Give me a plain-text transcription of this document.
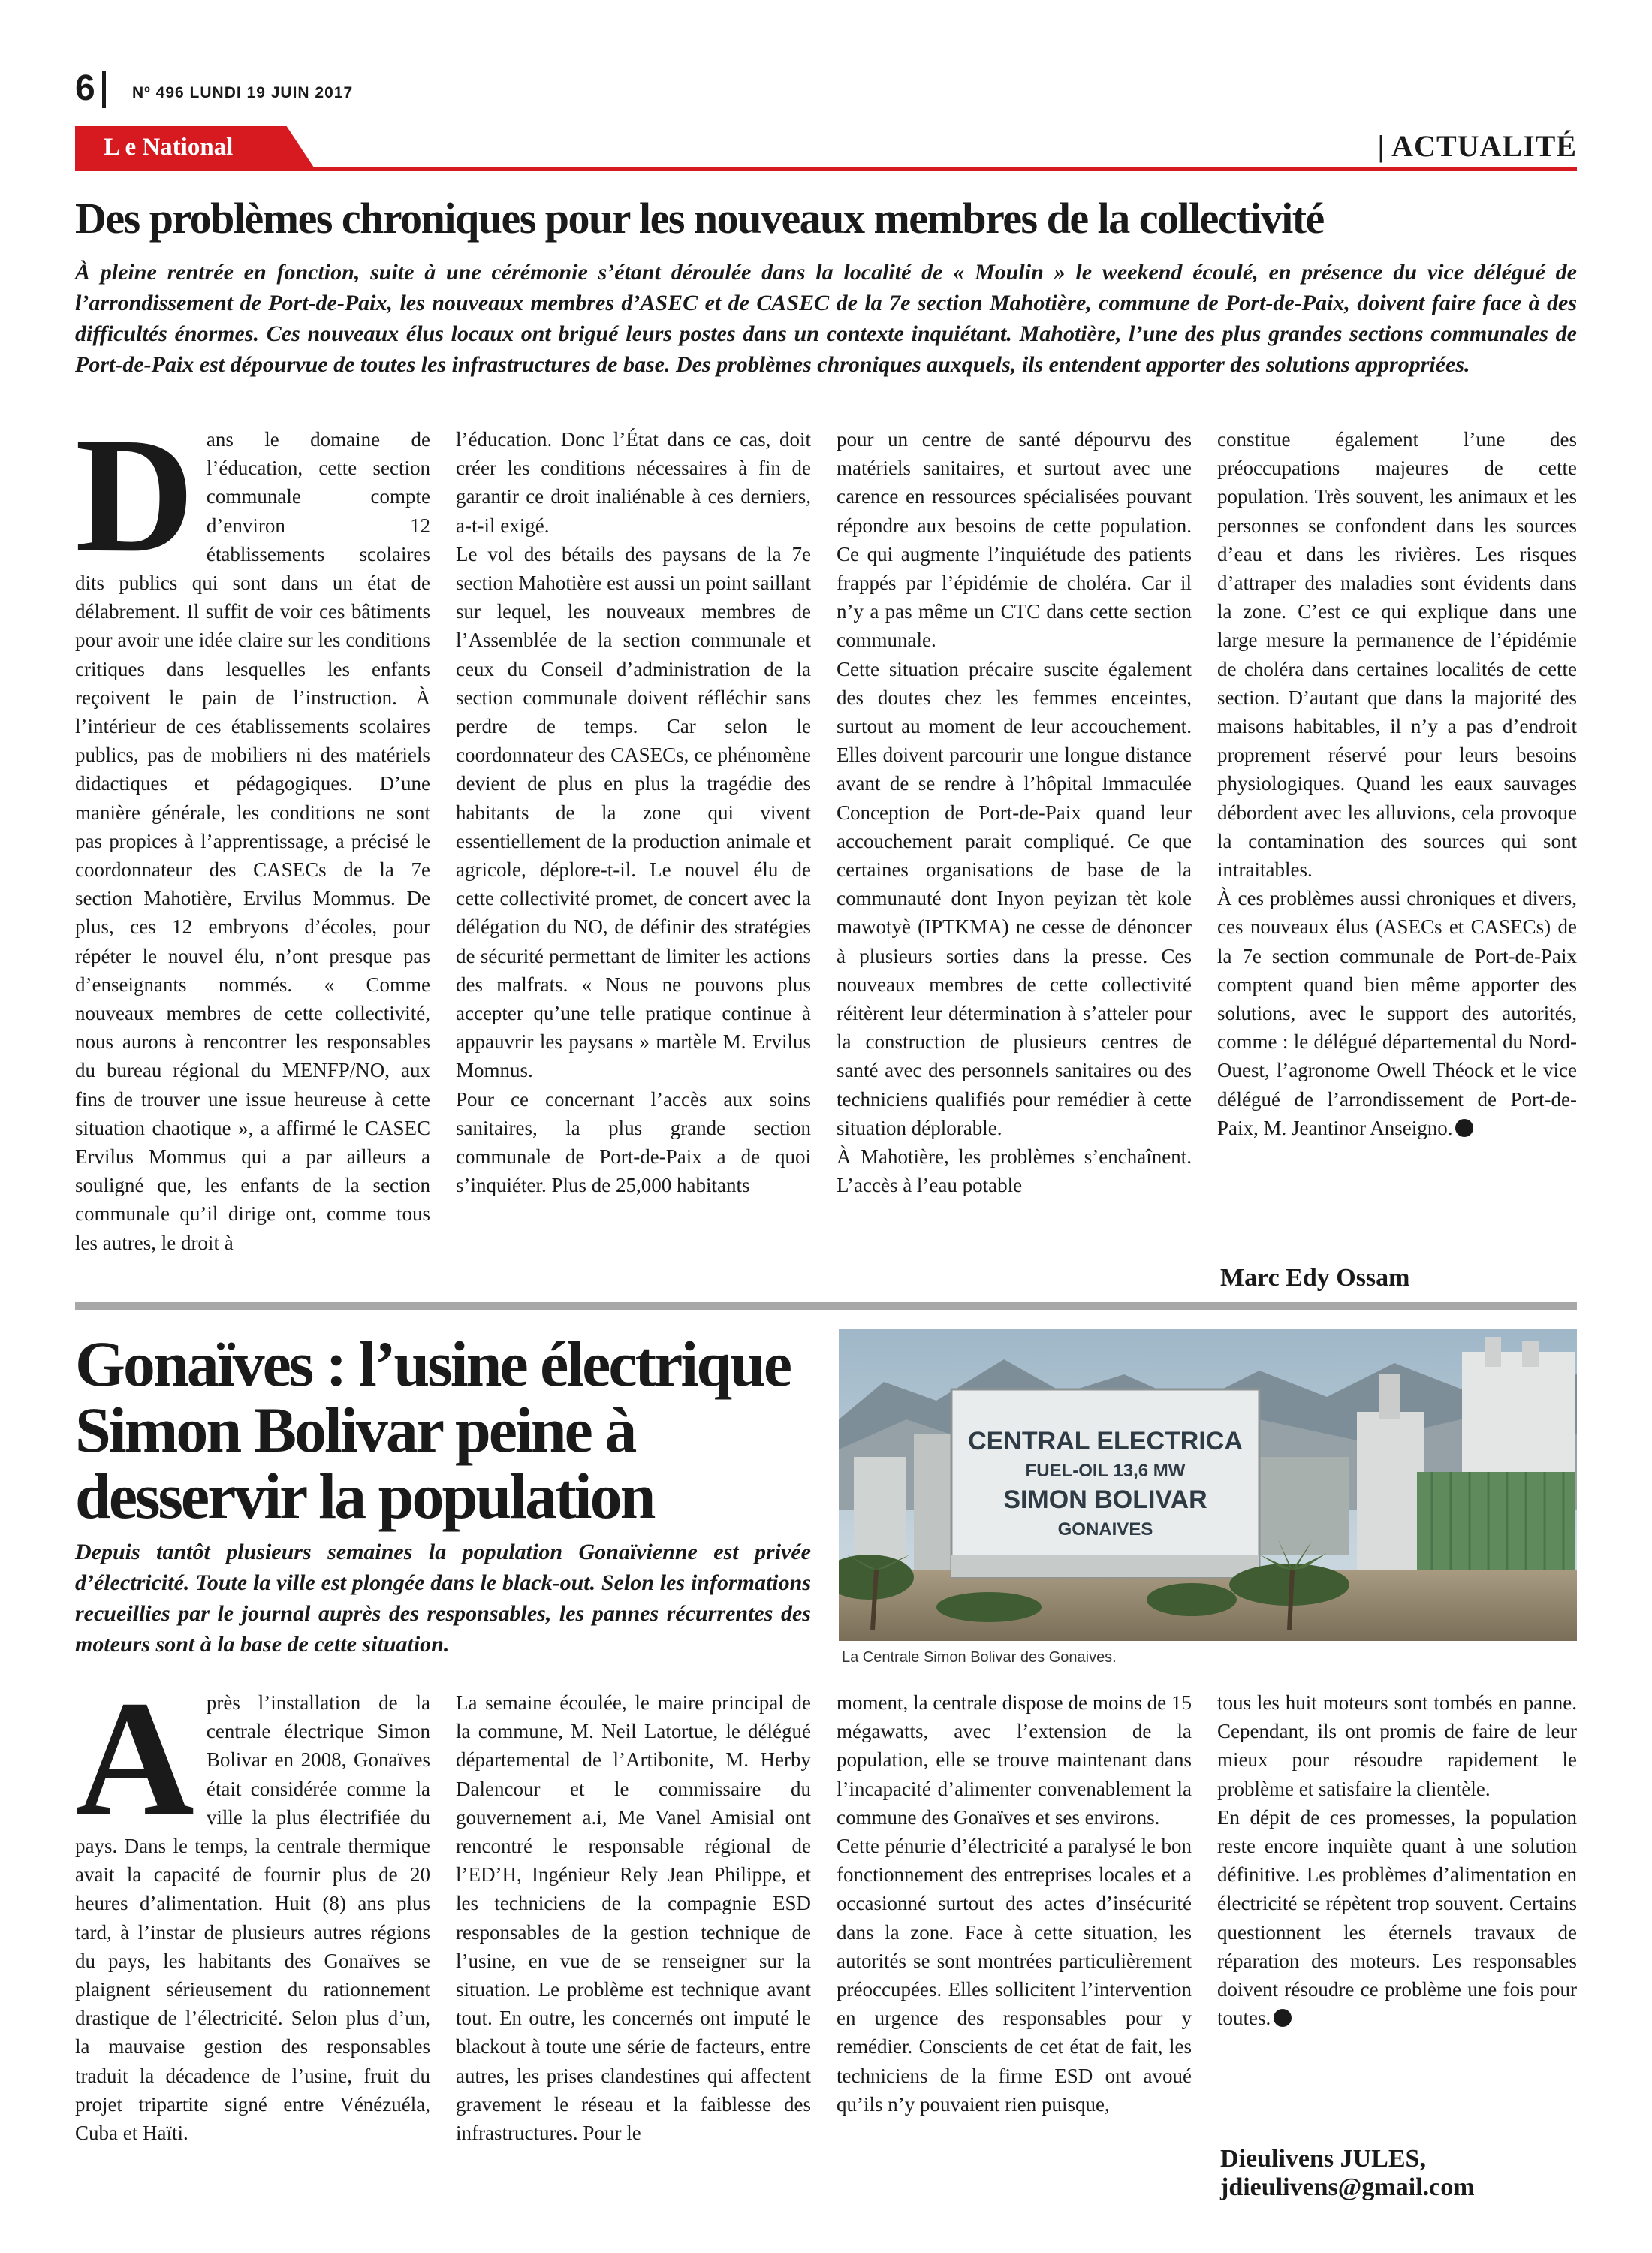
6 Nº 496 LUNDI 19 JUIN 2017
L e National	| ACTUALITÉ
Des problèmes chroniques pour les nouveaux membres de la collectivité

À pleine rentrée en fonction, suite à une cérémonie s’étant déroulée dans la localité de « Moulin » le weekend écoulé, en présence du vice délégué de l’arrondissement de Port-de-Paix, les nouveaux membres d’ASEC et de CASEC de la 7e section Mahotière, commune de Port-de-Paix, doivent faire face à des difficultés énormes. Ces nouveaux élus locaux ont brigué leurs postes dans un contexte inquiétant. Mahotière, l’une des plus grandes sections communales de Port-de-Paix est dépourvue de toutes les infrastructures de base. Des problèmes chroniques auxquels, ils entendent apporter des solutions appropriées.

Dans le domaine de l’éducation, cette section communale compte d’environ 12 établissements scolaires dits publics qui sont dans un état de délabrement. Il suffit de voir ces bâtiments pour avoir une idée claire sur les conditions critiques dans lesquelles les enfants reçoivent le pain de l’instruction. À l’intérieur de ces établissements scolaires publics, pas de mobiliers ni des matériels didactiques et pédagogiques. D’une manière générale, les conditions ne sont pas propices à l’apprentissage, a précisé le coordonnateur des CASECs de la 7e section Mahotière, Ervilus Mommus. De plus, ces 12 embryons d’écoles, pour répéter le nouvel élu, n’ont presque pas d’enseignants nommés. « Comme nouveaux membres de cette collectivité, nous aurons à rencontrer les responsables du bureau régional du MENFP/NO, aux fins de trouver une issue heureuse à cette situation chaotique », a affirmé le CASEC Ervilus Mommus qui a par ailleurs a souligné que, les enfants de la section communale qu’il dirige ont, comme tous les autres, le droit à

l’éducation. Donc l’État dans ce cas, doit créer les conditions nécessaires à fin de garantir ce droit inaliénable à ces derniers, a-t-il exigé.

Le vol des bétails des paysans de la 7e section Mahotière est aussi un point saillant sur lequel, les nouveaux membres de l’Assemblée de la section communale et ceux du Conseil d’administration de la section communale doivent réfléchir sans perdre de temps. Car selon le coordonnateur des CASECs, ce phénomène devient de plus en plus la tragédie des habitants de la zone qui vivent essentiellement de la production animale et agricole, déplore-t-il. Le nouvel élu de cette collectivité promet, de concert avec la délégation du NO, de définir des stratégies de sécurité permettant de limiter les actions des malfrats. « Nous ne pouvons plus accepter qu’une telle pratique continue à appauvrir les paysans » martèle M. Ervilus Momnus.

Pour ce concernant l’accès aux soins sanitaires, la plus grande section communale de Port-de-Paix a de quoi s’inquiéter. Plus de 25,000 habitants

pour un centre de santé dépourvu des matériels sanitaires, et surtout avec une carence en ressources spécialisées pouvant répondre aux besoins de cette population. Ce qui augmente l’inquiétude des patients frappés par l’épidémie de choléra. Car il n’y a pas même un CTC dans cette section communale.

Cette situation précaire suscite également des doutes chez les femmes enceintes, surtout au moment de leur accouchement. Elles doivent parcourir une longue distance avant de se rendre à l’hôpital Immaculée Conception de Port-de-Paix quand leur accouchement parait compliqué. Ce que certaines organisations de base de la communauté dont Inyon peyizan tèt kole mawotyè (IPTKMA) ne cesse de dénoncer à plusieurs sorties dans la presse. Ces nouveaux membres de cette collectivité réitèrent leur détermination à s’atteler pour la construction de plusieurs centres de santé avec des personnels sanitaires ou des techniciens qualifiés pour remédier à cette situation déplorable.

À Mahotière, les problèmes s’enchaînent. L’accès à l’eau potable

constitue également l’une des préoccupations majeures de cette population. Très souvent, les animaux et les personnes se confondent dans les sources d’eau et dans les rivières. Les risques d’attraper des maladies sont évidents dans la zone. C’est ce qui explique dans une large mesure la permanence de l’épidémie de choléra dans certaines localités de cette section. D’autant que dans la majorité des maisons habitables, il n’y a pas d’endroit proprement réservé pour leurs besoins physiologiques. Quand les eaux sauvages débordent avec les alluvions, cela provoque la contamination des sources qui sont intraitables.

À ces problèmes aussi chroniques et divers, ces nouveaux élus (ASECs et CASECs) de la 7e section communale de Port-de-Paix comptent quand bien même apporter des solutions, avec le support des autorités, comme : le délégué départemental du Nord-Ouest, l’agronome Owell Théock et le vice délégué de l’arrondissement de Port-de-Paix, M. Jeantinor Anseigno.

Marc Edy Ossam
Gonaïves : l’usine électrique
Simon Bolivar peine à
desservir la population

Depuis tantôt plusieurs semaines la population Gonaïvienne est privée d’électricité. Toute la ville est plongée dans le black-out. Selon les informations recueillies par le journal auprès des responsables, les pannes récurrentes des moteurs sont à la base de cette situation.

CENTRAL ELECTRICA
FUEL-OIL 13,6 MW
SIMON BOLIVAR
GONAIVES
La Centrale Simon Bolivar des Gonaives.

Après l’installation de la centrale électrique Simon Bolivar en 2008, Gonaïves était considérée comme la ville la plus électrifiée du pays. Dans le temps, la centrale thermique avait la capacité de fournir plus de 20 heures d’alimentation. Huit (8) ans plus tard, à l’instar de plusieurs autres régions du pays, les habitants des Gonaïves se plaignent sérieusement du rationnement drastique de l’électricité. Selon plus d’un, la mauvaise gestion des responsables traduit la décadence de l’usine, fruit du projet tripartite signé entre Vénézuéla, Cuba et Haïti.

La semaine écoulée, le maire principal de la commune, M. Neil Latortue, le délégué départemental de l’Artibonite, M. Herby Dalencour et le commissaire du gouvernement a.i, Me Vanel Amisial ont rencontré le responsable régional de l’ED’H, Ingénieur Rely Jean Philippe, et les techniciens de la compagnie ESD responsables de la gestion technique de l’usine, en vue de se renseigner sur la situation. Le problème est technique avant tout. En outre, les concernés ont imputé le blackout à toute une série de facteurs, entre autres, les prises clandestines qui affectent gravement le réseau et la faiblesse des infrastructures. Pour le

moment, la centrale dispose de moins de 15 mégawatts, avec l’extension de la population, elle se trouve maintenant dans l’incapacité d’alimenter convenablement la commune des Gonaïves et ses environs.

Cette pénurie d’électricité a paralysé le bon fonctionnement des entreprises locales et a occasionné surtout des actes d’insécurité dans la zone. Face à cette situation, les autorités se sont montrées particulièrement préoccupées. Elles sollicitent l’intervention en urgence des responsables pour y remédier. Conscients de cet état de fait, les techniciens de la firme ESD ont avoué qu’ils n’y pouvaient rien puisque,

tous les huit moteurs sont tombés en panne. Cependant, ils ont promis de faire de leur mieux pour résoudre rapidement le problème et satisfaire la clientèle.

En dépit de ces promesses, la population reste encore inquiète quant à une solution définitive. Les problèmes d’alimentation en électricité se répètent trop souvent. Certains questionnent les éternels travaux de réparation des moteurs. Les responsables doivent résoudre ce problème une fois pour toutes.

Dieulivens JULES,
jdieulivens@gmail.com
